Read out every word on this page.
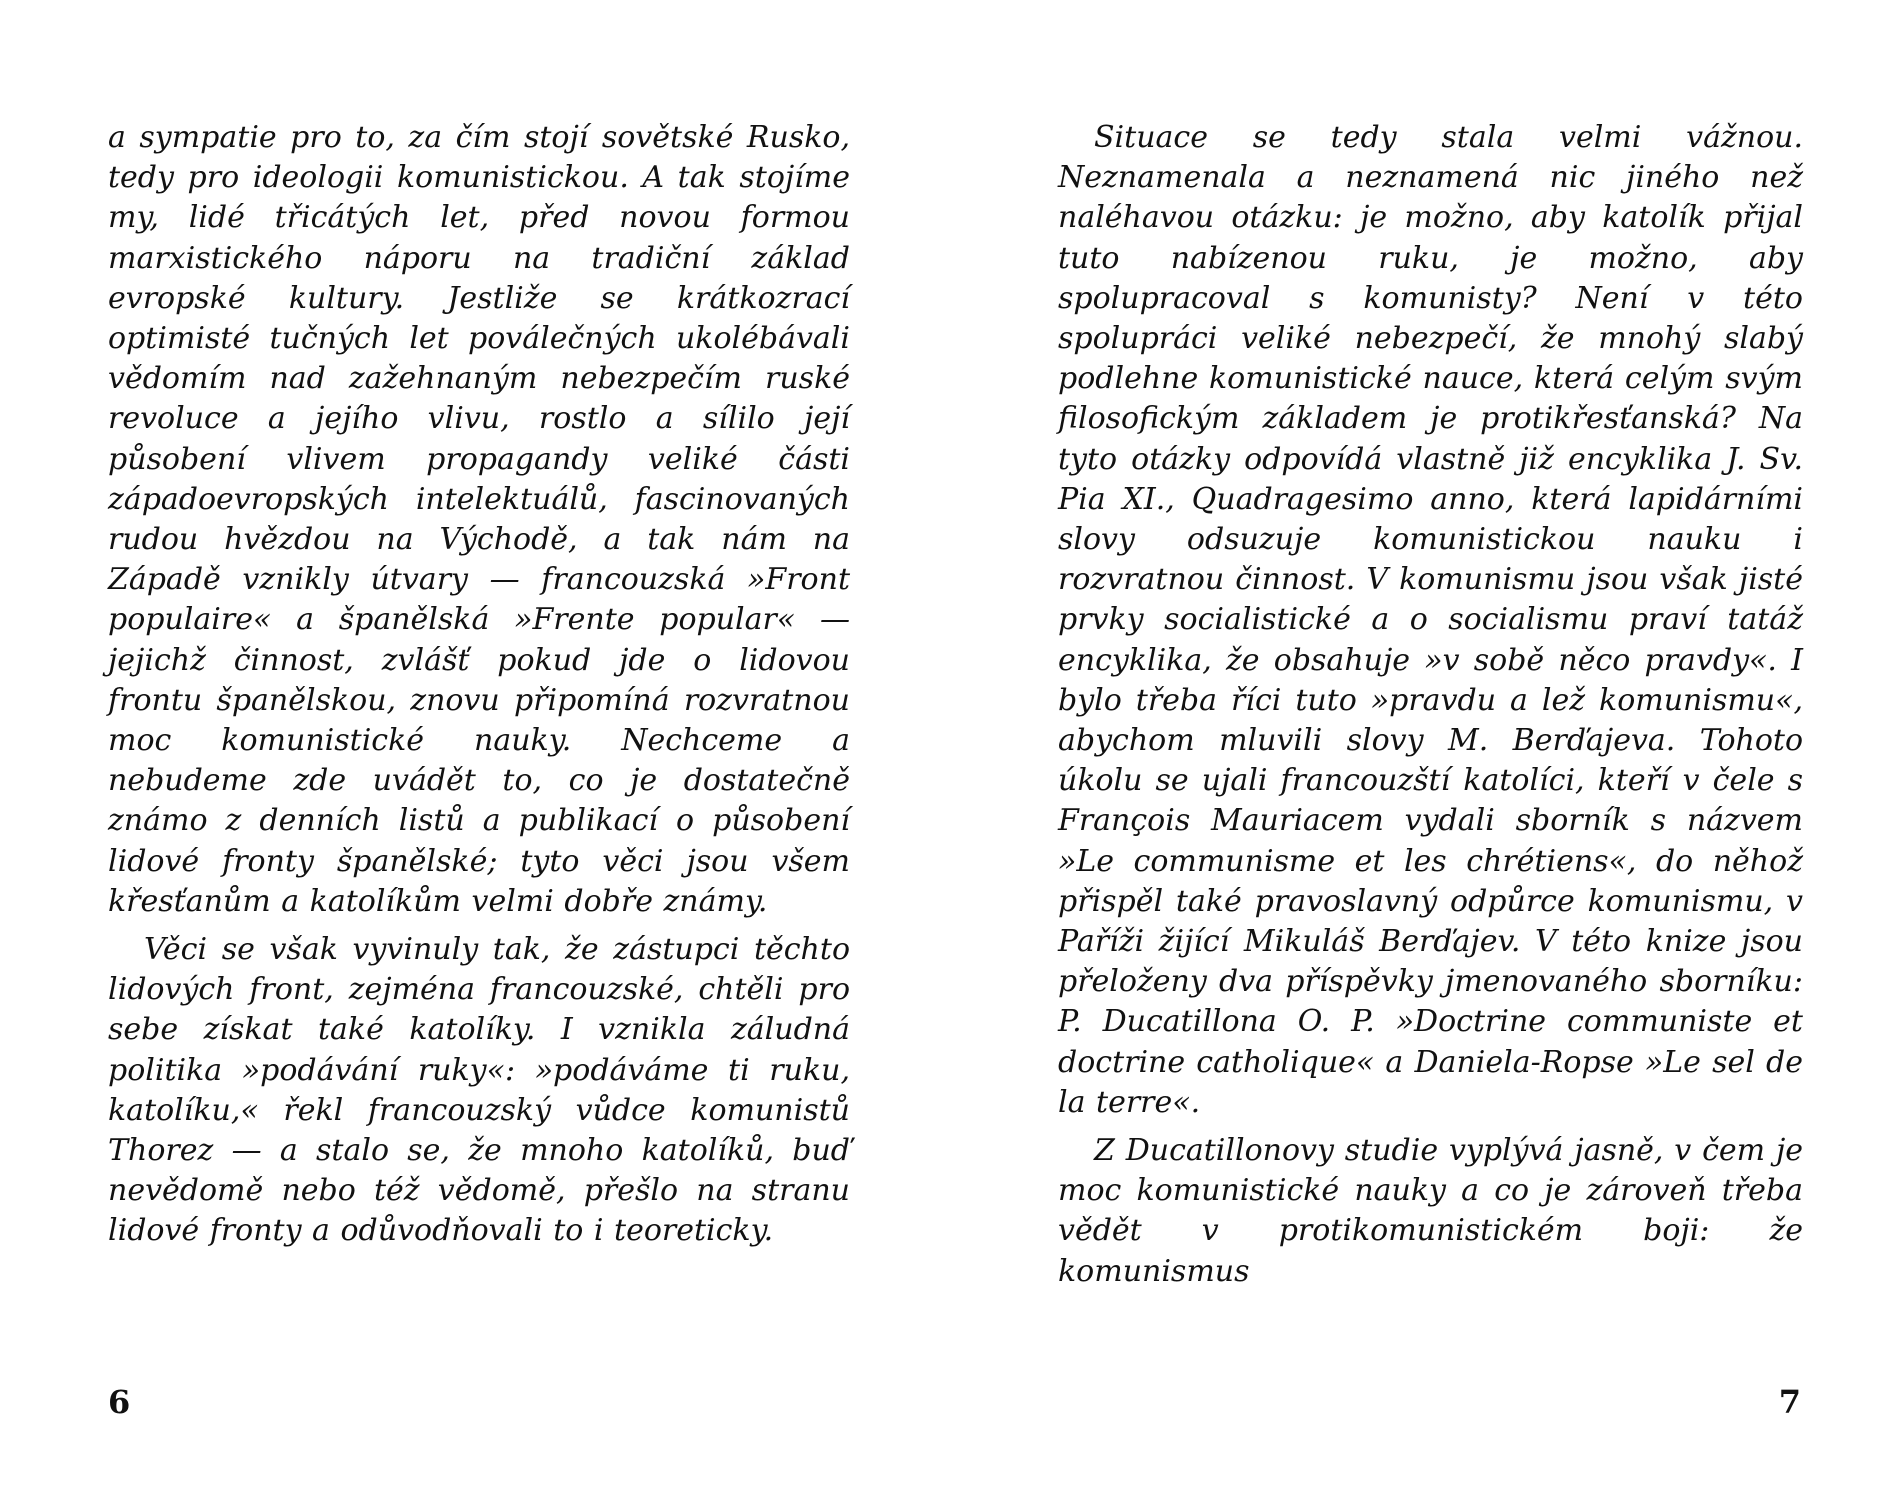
a sympatie pro to, za čím stojí sovětské Rusko, tedy pro ideologii komunistickou. A tak stojíme my, lidé třicátých let, před novou formou marxistického náporu na tradiční základ evropské kultury. Jestliže se krátkozrací optimisté tučných let poválečných ukolébávali vědomím nad zažehnaným nebezpečím ruské revoluce a jejího vlivu, rostlo a sílilo její působení vlivem propagandy veliké části západoevropských intelektuálů, fascinovaných rudou hvězdou na Východě, a tak nám na Západě vznikly útvary — francouzská »Front populaire« a španělská »Frente popular« — jejichž činnost, zvlášť pokud jde o lidovou frontu španělskou, znovu připomíná rozvratnou moc komunistické nauky. Nechceme a nebudeme zde uvádět to, co je dostatečně známo z denních listů a publikací o působení lidové fronty španělské; tyto věci jsou všem křesťanům a katolíkům velmi dobře známy.

Věci se však vyvinuly tak, že zástupci těchto lidových front, zejména francouzské, chtěli pro sebe získat také katolíky. I vznikla záludná politika »podávání ruky«: »podáváme ti ruku, katolíku,« řekl francouzský vůdce komunistů Thorez — a stalo se, že mnoho katolíků, buď nevědomě nebo též vědomě, přešlo na stranu lidové fronty a odůvodňovali to i teoreticky.

6

Situace se tedy stala velmi vážnou. Neznamenala a neznamená nic jiného než naléhavou otázku: je možno, aby katolík přijal tuto nabízenou ruku, je možno, aby spolupracoval s komunisty? Není v této spolupráci veliké nebezpečí, že mnohý slabý podlehne komunistické nauce, která celým svým filosofickým základem je protikřesťanská? Na tyto otázky odpovídá vlastně již encyklika J. Sv. Pia XI., Quadragesimo anno, která lapidárními slovy odsuzuje komunistickou nauku i rozvratnou činnost. V komunismu jsou však jisté prvky socialistické a o socialismu praví tatáž encyklika, že obsahuje »v sobě něco pravdy«. I bylo třeba říci tuto »pravdu a lež komunismu«, abychom mluvili slovy M. Berďajeva. Tohoto úkolu se ujali francouzští katolíci, kteří v čele s François Mauriacem vydali sborník s názvem »Le communisme et les chrétiens«, do něhož přispěl také pravoslavný odpůrce komunismu, v Paříži žijící Mikuláš Berďajev. V této knize jsou přeloženy dva příspěvky jmenovaného sborníku: P. Ducatillona O. P. »Doctrine communiste et doctrine catholique« a Daniela-Ropse »Le sel de la terre«.

Z Ducatillonovy studie vyplývá jasně, v čem je moc komunistické nauky a co je zároveň třeba vědět v protikomunistickém boji: že komunismus

7
